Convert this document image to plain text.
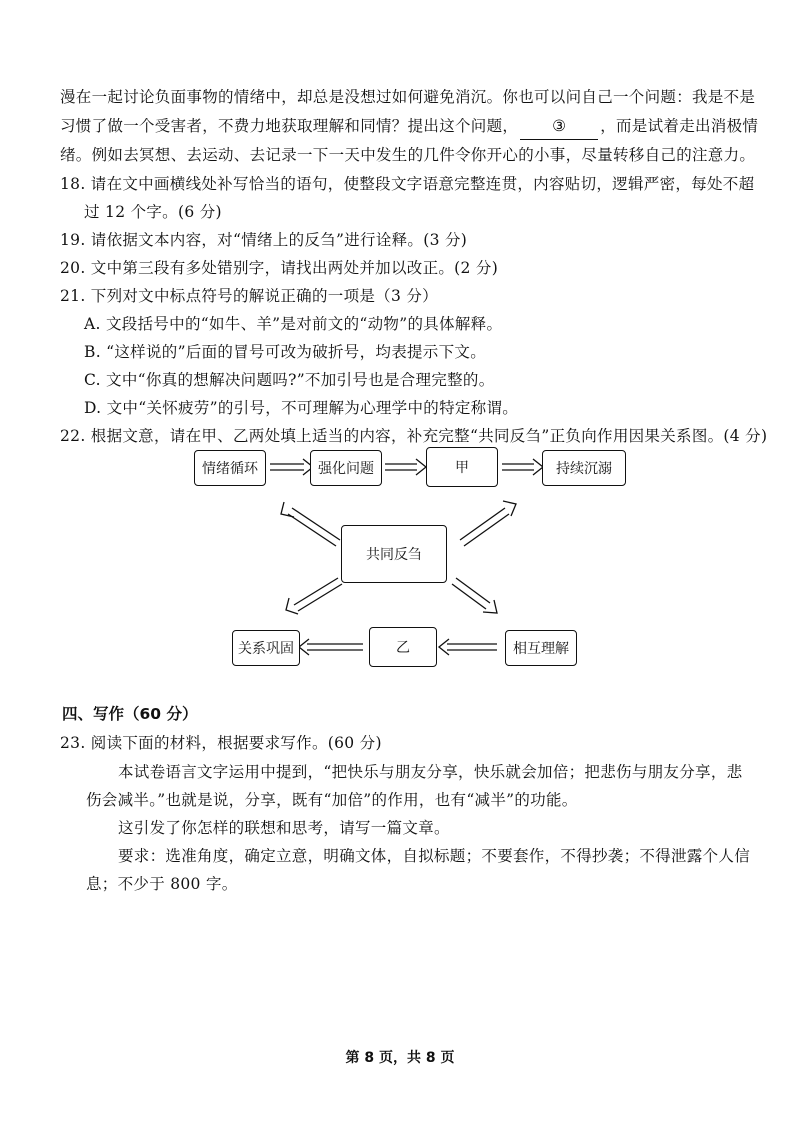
漫在一起讨论负面事物的情绪中，却总是没想过如何避免消沉。你也可以问自己一个问题：我是不是
习惯了做一个受害者，不费力地获取理解和同情？提出这个问题， ③ ，而是试着走出消极情
绪。例如去冥想、去运动、去记录一下一天中发生的几件令你开心的小事，尽量转移自己的注意力。
18. 请在文中画横线处补写恰当的语句，使整段文字语意完整连贯，内容贴切，逻辑严密，每处不超
过 12 个字。(6 分)
19. 请依据文本内容，对“情绪上的反刍”进行诠释。(3 分)
20. 文中第三段有多处错别字，请找出两处并加以改正。(2 分)
21. 下列对文中标点符号的解说正确的一项是（3 分）
A. 文段括号中的“如牛、羊”是对前文的“动物”的具体解释。
B. “这样说的”后面的冒号可改为破折号，均表提示下文。
C. 文中“你真的想解决问题吗?”不加引号也是合理完整的。
D. 文中“关怀疲劳”的引号，不可理解为心理学中的特定称谓。
22. 根据文意，请在甲、乙两处填上适当的内容，补充完整“共同反刍”正负向作用因果关系图。(4 分)
情绪循环	强化问题	甲	持续沉溺
共同反刍
关系巩固	乙	相互理解
四、写作（60 分）
23. 阅读下面的材料，根据要求写作。(60 分)
本试卷语言文字运用中提到，“把快乐与朋友分享，快乐就会加倍；把悲伤与朋友分享，悲
伤会减半。”也就是说，分享，既有“加倍”的作用，也有“减半”的功能。
这引发了你怎样的联想和思考，请写一篇文章。
要求：选准角度，确定立意，明确文体，自拟标题；不要套作，不得抄袭；不得泄露个人信
息；不少于 800 字。
第 8 页，共 8 页
